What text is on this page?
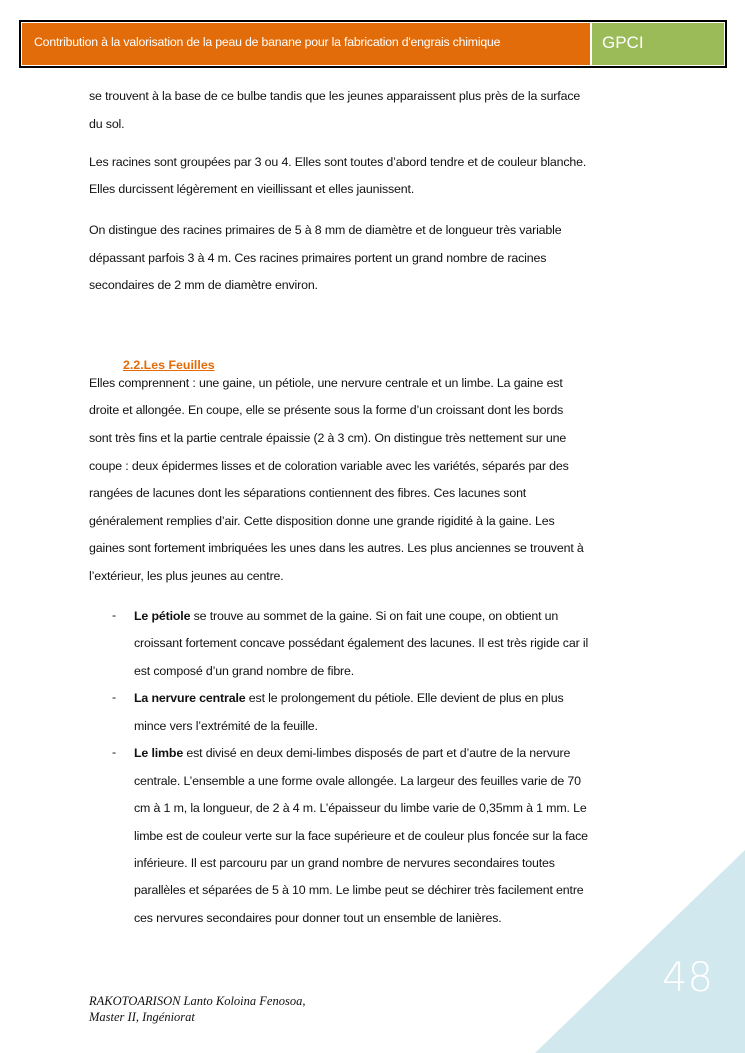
Contribution à la valorisation de la peau de banane pour la fabrication d'engrais chimique	GPCI
se trouvent à la base de ce bulbe tandis que les jeunes apparaissent plus près de la surface
du sol.
Les racines sont groupées par 3 ou 4. Elles sont toutes d’abord tendre et de couleur blanche.
Elles durcissent légèrement en vieillissant et elles jaunissent.
On distingue des racines primaires de 5 à 8 mm de diamètre et de longueur très variable
dépassant parfois 3 à 4 m. Ces racines primaires portent un grand nombre de racines
secondaires de 2 mm de diamètre environ.
2.2.Les Feuilles
Elles comprennent : une gaine, un pétiole, une nervure centrale et un limbe. La gaine est
droite et allongée. En coupe, elle se présente sous la forme d’un croissant dont les bords
sont très fins et la partie centrale épaissie (2 à 3 cm). On distingue très nettement sur une
coupe : deux épidermes lisses et de coloration variable avec les variétés, séparés par des
rangées de lacunes dont les séparations contiennent des fibres. Ces lacunes sont
généralement remplies d’air. Cette disposition donne une grande rigidité à la gaine. Les
gaines sont fortement imbriquées les unes dans les autres. Les plus anciennes se trouvent à
l’extérieur, les plus jeunes au centre.
- Le pétiole se trouve au sommet de la gaine. Si on fait une coupe, on obtient un
croissant fortement concave possédant également des lacunes. Il est très rigide car il
est composé d’un grand nombre de fibre.
- La nervure centrale est le prolongement du pétiole. Elle devient de plus en plus
mince vers l’extrémité de la feuille.
- Le limbe est divisé en deux demi-limbes disposés de part et d’autre de la nervure
centrale. L’ensemble a une forme ovale allongée. La largeur des feuilles varie de 70
cm à 1 m, la longueur, de 2 à 4 m. L’épaisseur du limbe varie de 0,35mm à 1 mm. Le
limbe est de couleur verte sur la face supérieure et de couleur plus foncée sur la face
inférieure. Il est parcouru par un grand nombre de nervures secondaires toutes
parallèles et séparées de 5 à 10 mm. Le limbe peut se déchirer très facilement entre
ces nervures secondaires pour donner tout un ensemble de lanières.
48
RAKOTOARISON Lanto Koloina Fenosoa,
Master II, Ingéniorat
